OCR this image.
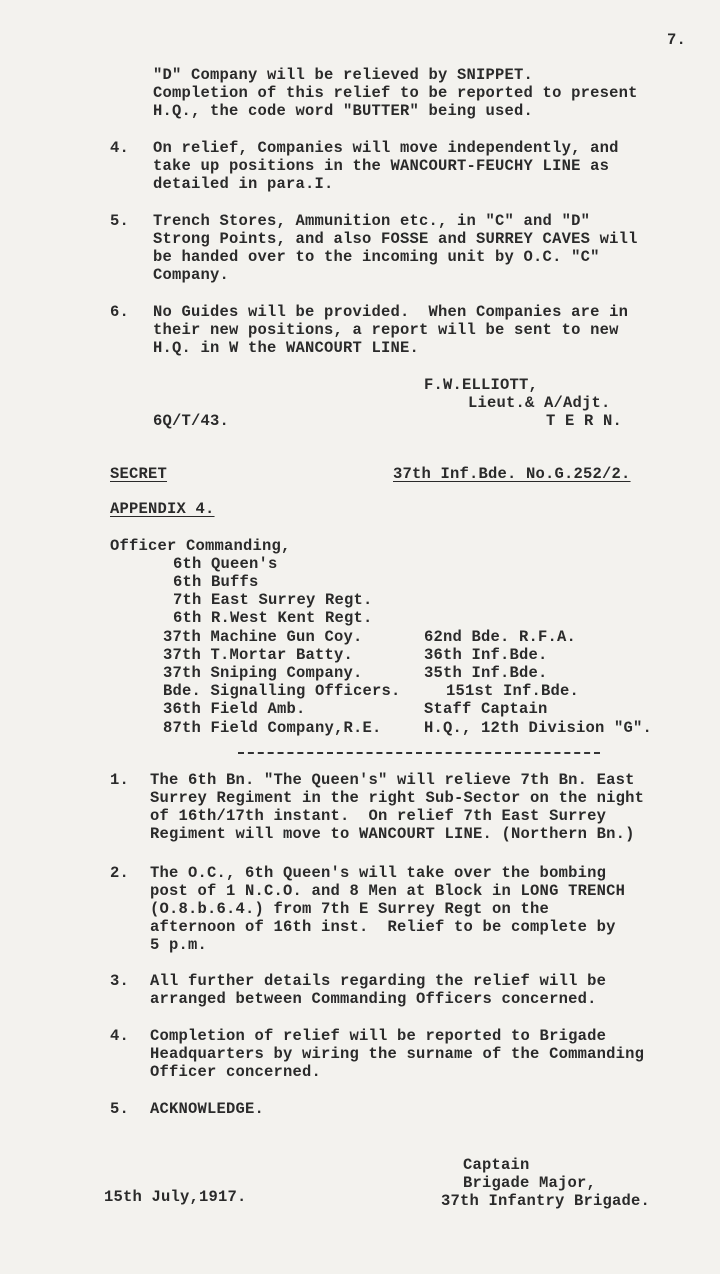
7.
"D" Company will be relieved by SNIPPET.
Completion of this relief to be reported to present
H.Q., the code word "BUTTER" being used.
4. On relief, Companies will move independently, and
take up positions in the WANCOURT-FEUCHY LINE as
detailed in para.I.
5. Trench Stores, Ammunition etc., in "C" and "D"
Strong Points, and also FOSSE and SURREY CAVES will
be handed over to the incoming unit by O.C. "C"
Company.
6. No Guides will be provided.  When Companies are in
their new positions, a report will be sent to new
H.Q. in W the WANCOURT LINE.
F.W.ELLIOTT,
Lieut.& A/Adjt.
T E R N.
6Q/T/43.
SECRET	37th Inf.Bde. No.G.252/2.
APPENDIX 4.
Officer Commanding,
6th Queen's
6th Buffs
7th East Surrey Regt.
6th R.West Kent Regt.
37th Machine Gun Coy.
37th T.Mortar Batty.
37th Sniping Company.
Bde. Signalling Officers.
36th Field Amb.
87th Field Company,R.E.
62nd Bde. R.F.A.
36th Inf.Bde.
35th Inf.Bde.
151st Inf.Bde.
Staff Captain
H.Q., 12th Division "G".
1. The 6th Bn. "The Queen's" will relieve 7th Bn. East
Surrey Regiment in the right Sub-Sector on the night
of 16th/17th instant.  On relief 7th East Surrey
Regiment will move to WANCOURT LINE. (Northern Bn.)
2. The O.C., 6th Queen's will take over the bombing
post of 1 N.C.O. and 8 Men at Block in LONG TRENCH
(O.8.b.6.4.) from 7th E Surrey Regt on the
afternoon of 16th inst.  Relief to be complete by
5 p.m.
3. All further details regarding the relief will be
arranged between Commanding Officers concerned.
4. Completion of relief will be reported to Brigade
Headquarters by wiring the surname of the Commanding
Officer concerned.
5. ACKNOWLEDGE.
Captain
Brigade Major,
37th Infantry Brigade.
15th July,1917.
